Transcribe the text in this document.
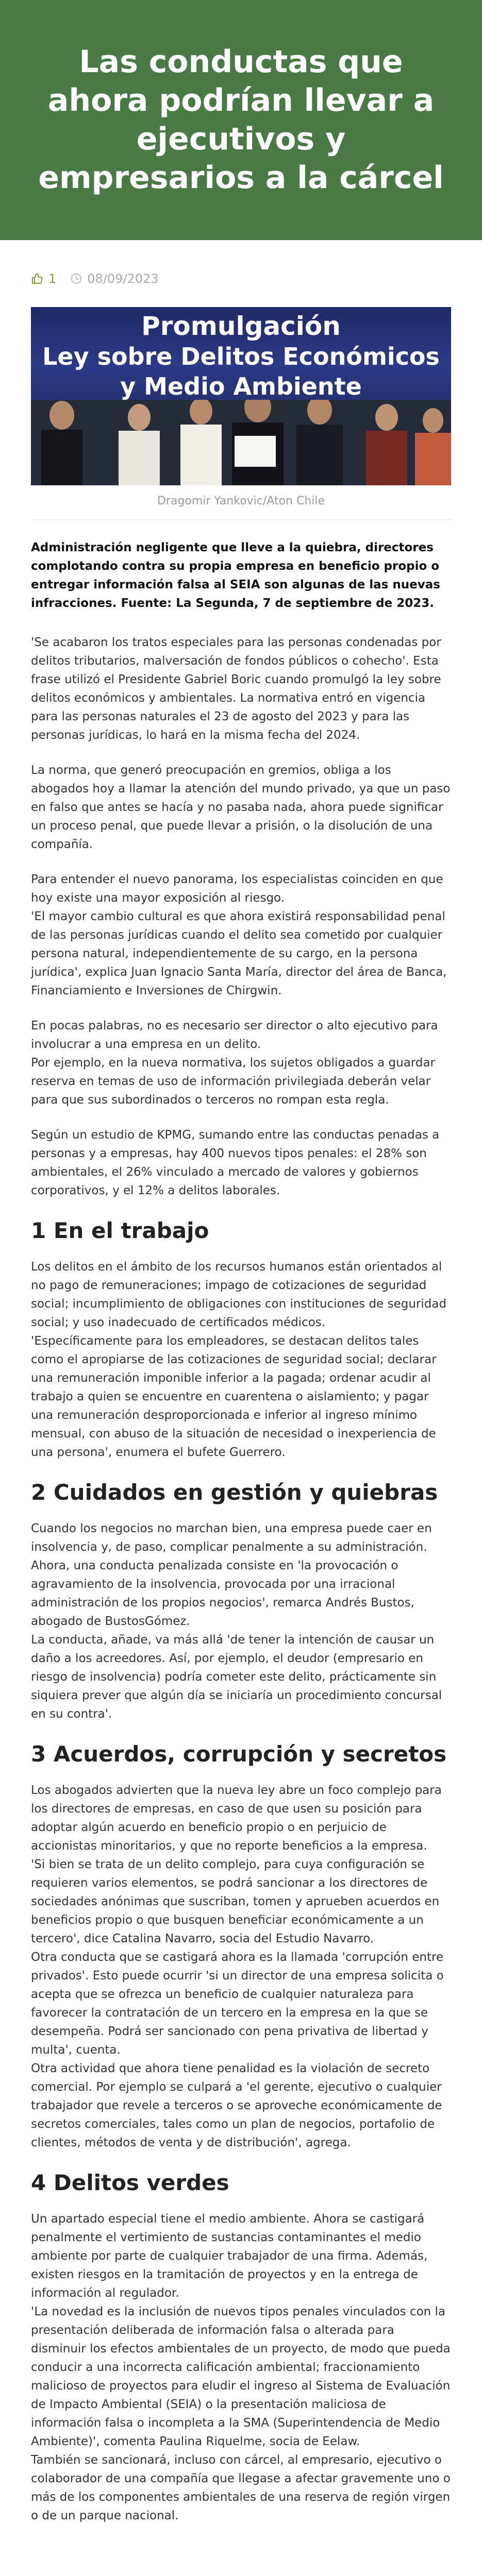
Las conductas que ahora podrían llevar a ejecutivos y empresarios a la cárcel
1	08/09/2023
Promulgación
Ley sobre Delitos Económicos
y Medio Ambiente
Dragomir Yankovic/Aton Chile
Administración negligente que lleve a la quiebra, directores complotando contra su propia empresa en beneficio propio o entregar información falsa al SEIA son algunas de las nuevas infracciones. Fuente: La Segunda, 7 de septiembre de 2023.

'Se acabaron los tratos especiales para las personas condenadas por delitos tributarios, malversación de fondos públicos o cohecho'. Esta frase utilizó el Presidente Gabriel Boric cuando promulgó la ley sobre delitos económicos y ambientales. La normativa entró en vigencia para las personas naturales el 23 de agosto del 2023 y para las personas jurídicas, lo hará en la misma fecha del 2024.

La norma, que generó preocupación en gremios, obliga a los abogados hoy a llamar la atención del mundo privado, ya que un paso en falso que antes se hacía y no pasaba nada, ahora puede significar un proceso penal, que puede llevar a prisión, o la disolución de una compañía.

Para entender el nuevo panorama, los especialistas coinciden en que hoy existe una mayor exposición al riesgo.
'El mayor cambio cultural es que ahora existirá responsabilidad penal de las personas jurídicas cuando el delito sea cometido por cualquier persona natural, independientemente de su cargo, en la persona jurídica', explica Juan Ignacio Santa María, director del área de Banca, Financiamiento e Inversiones de Chirgwin.

En pocas palabras, no es necesario ser director o alto ejecutivo para involucrar a una empresa en un delito.
Por ejemplo, en la nueva normativa, los sujetos obligados a guardar reserva en temas de uso de información privilegiada deberán velar para que sus subordinados o terceros no rompan esta regla.

Según un estudio de KPMG, sumando entre las conductas penadas a personas y a empresas, hay 400 nuevos tipos penales: el 28% son ambientales, el 26% vinculado a mercado de valores y gobiernos corporativos, y el 12% a delitos laborales.

1 En el trabajo

Los delitos en el ámbito de los recursos humanos están orientados al no pago de remuneraciones; impago de cotizaciones de seguridad social; incumplimiento de obligaciones con instituciones de seguridad social; y uso inadecuado de certificados médicos.
'Específicamente para los empleadores, se destacan delitos tales como el apropiarse de las cotizaciones de seguridad social; declarar una remuneración imponible inferior a la pagada; ordenar acudir al trabajo a quien se encuentre en cuarentena o aislamiento; y pagar una remuneración desproporcionada e inferior al ingreso mínimo mensual, con abuso de la situación de necesidad o inexperiencia de una persona', enumera el bufete Guerrero.

2 Cuidados en gestión y quiebras

Cuando los negocios no marchan bien, una empresa puede caer en insolvencia y, de paso, complicar penalmente a su administración. Ahora, una conducta penalizada consiste en 'la provocación o agravamiento de la insolvencia, provocada por una irracional administración de los propios negocios', remarca Andrés Bustos, abogado de BustosGómez.
La conducta, añade, va más allá 'de tener la intención de causar un daño a los acreedores. Así, por ejemplo, el deudor (empresario en riesgo de insolvencia) podría cometer este delito, prácticamente sin siquiera prever que algún día se iniciaría un procedimiento concursal en su contra'.

3 Acuerdos, corrupción y secretos

Los abogados advierten que la nueva ley abre un foco complejo para los directores de empresas, en caso de que usen su posición para adoptar algún acuerdo en beneficio propio o en perjuicio de accionistas minoritarios, y que no reporte beneficios a la empresa.
'Si bien se trata de un delito complejo, para cuya configuración se requieren varios elementos, se podrá sancionar a los directores de sociedades anónimas que suscriban, tomen y aprueben acuerdos en beneficios propio o que busquen beneficiar económicamente a un tercero', dice Catalina Navarro, socia del Estudio Navarro.
Otra conducta que se castigará ahora es la llamada 'corrupción entre privados'. Esto puede ocurrir 'si un director de una empresa solicita o acepta que se ofrezca un beneficio de cualquier naturaleza para favorecer la contratación de un tercero en la empresa en la que se desempeña. Podrá ser sancionado con pena privativa de libertad y multa', cuenta.
Otra actividad que ahora tiene penalidad es la violación de secreto comercial. Por ejemplo se culpará a 'el gerente, ejecutivo o cualquier trabajador que revele a terceros o se aproveche económicamente de secretos comerciales, tales como un plan de negocios, portafolio de clientes, métodos de venta y de distribución', agrega.

4 Delitos verdes

Un apartado especial tiene el medio ambiente. Ahora se castigará penalmente el vertimiento de sustancias contaminantes el medio ambiente por parte de cualquier trabajador de una firma. Además, existen riesgos en la tramitación de proyectos y en la entrega de información al regulador.
'La novedad es la inclusión de nuevos tipos penales vinculados con la presentación deliberada de información falsa o alterada para disminuir los efectos ambientales de un proyecto, de modo que pueda conducir a una incorrecta calificación ambiental; fraccionamiento malicioso de proyectos para eludir el ingreso al Sistema de Evaluación de Impacto Ambiental (SEIA) o la presentación maliciosa de información falsa o incompleta a la SMA (Superintendencia de Medio Ambiente)', comenta Paulina Riquelme, socia de Eelaw.
También se sancionará, incluso con cárcel, al empresario, ejecutivo o colaborador de una compañía que llegase a afectar gravemente uno o más de los componentes ambientales de una reserva de región virgen o de un parque nacional.
